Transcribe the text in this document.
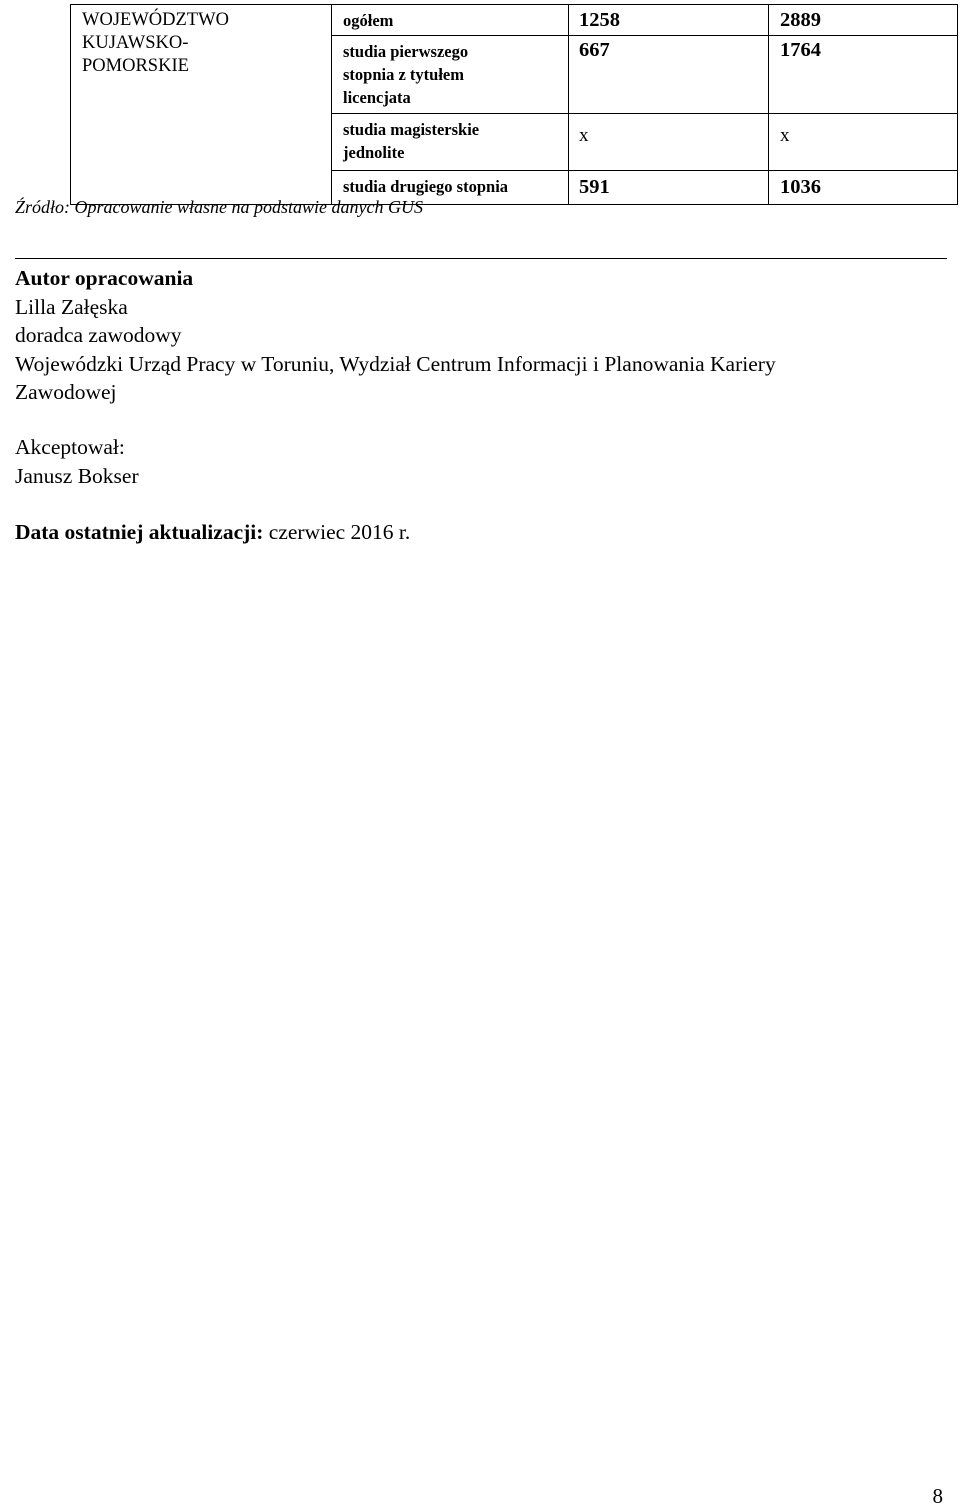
WOJEWÓDZTWO
KUJAWSKO-
POMORSKIE	ogółem	1258	2889

	studia pierwszego
stopnia z tytułem
licencjata	667	1764

	studia magisterskie
jednolite	x	x

	studia drugiego stopnia	591	1036
Źródło: Opracowanie własne na podstawie danych GUS
Autor opracowania
Lilla Załęska
doradca zawodowy
Wojewódzki Urząd Pracy w Toruniu, Wydział Centrum Informacji i Planowania Kariery
Zawodowej
Akceptował:
Janusz Bokser
Data ostatniej aktualizacji: czerwiec 2016 r.
8
